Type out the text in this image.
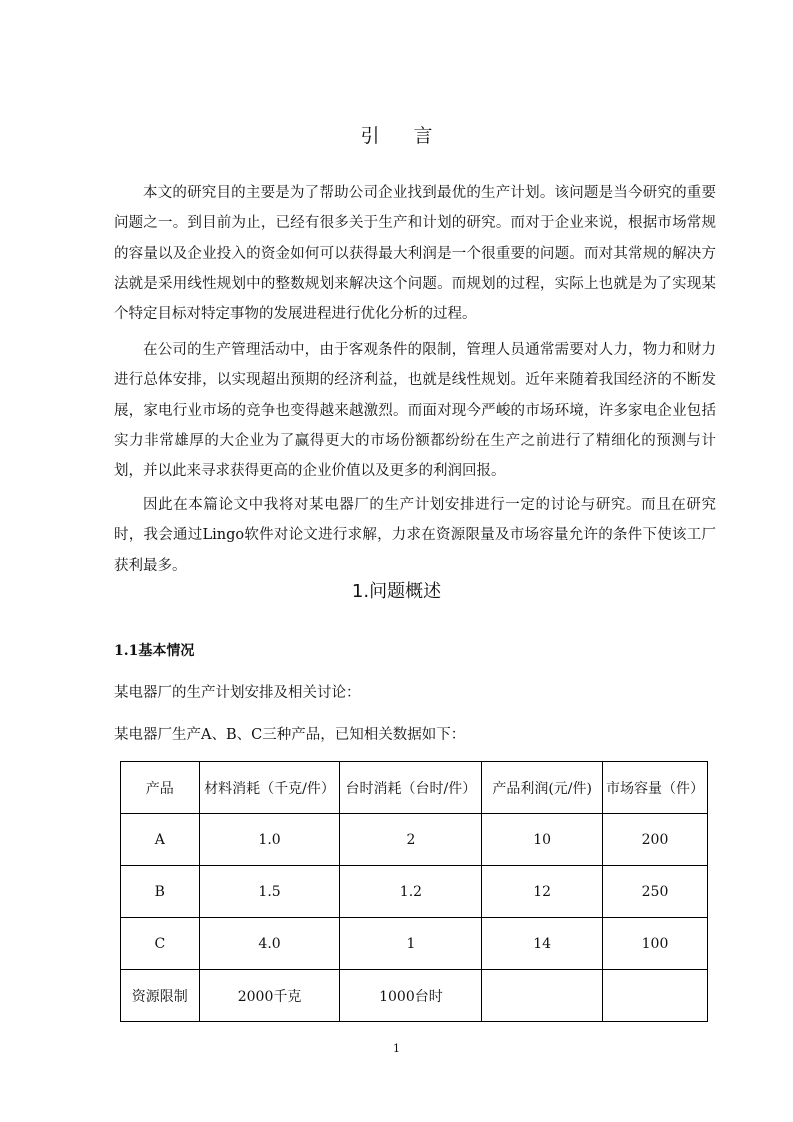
引 言

本文的研究目的主要是为了帮助公司企业找到最优的生产计划。该问题是当今研究的重要问题之一。到目前为止，已经有很多关于生产和计划的研究。而对于企业来说，根据市场常规的容量以及企业投入的资金如何可以获得最大利润是一个很重要的问题。而对其常规的解决方法就是采用线性规划中的整数规划来解决这个问题。而规划的过程，实际上也就是为了实现某个特定目标对特定事物的发展进程进行优化分析的过程。

在公司的生产管理活动中，由于客观条件的限制，管理人员通常需要对人力，物力和财力进行总体安排，以实现超出预期的经济利益，也就是线性规划。近年来随着我国经济的不断发展，家电行业市场的竞争也变得越来越激烈。而面对现今严峻的市场环境，许多家电企业包括实力非常雄厚的大企业为了赢得更大的市场份额都纷纷在生产之前进行了精细化的预测与计划，并以此来寻求获得更高的企业价值以及更多的利润回报。

因此在本篇论文中我将对某电器厂的生产计划安排进行一定的讨论与研究。而且在研究时，我会通过Lingo软件对论文进行求解，力求在资源限量及市场容量允许的条件下使该工厂获利最多。

1.问题概述
1.1基本情况
某电器厂的生产计划安排及相关讨论：
某电器厂生产A、B、C三种产品，已知相关数据如下：
产品	材料消耗（千克/件）	台时消耗（台时/件）	产品利润(元/件)	市场容量（件）
A	1.0	2	10	200
B	1.5	1.2	12	250
C	4.0	1	14	100
资源限制	2000千克	1000台时		
1
